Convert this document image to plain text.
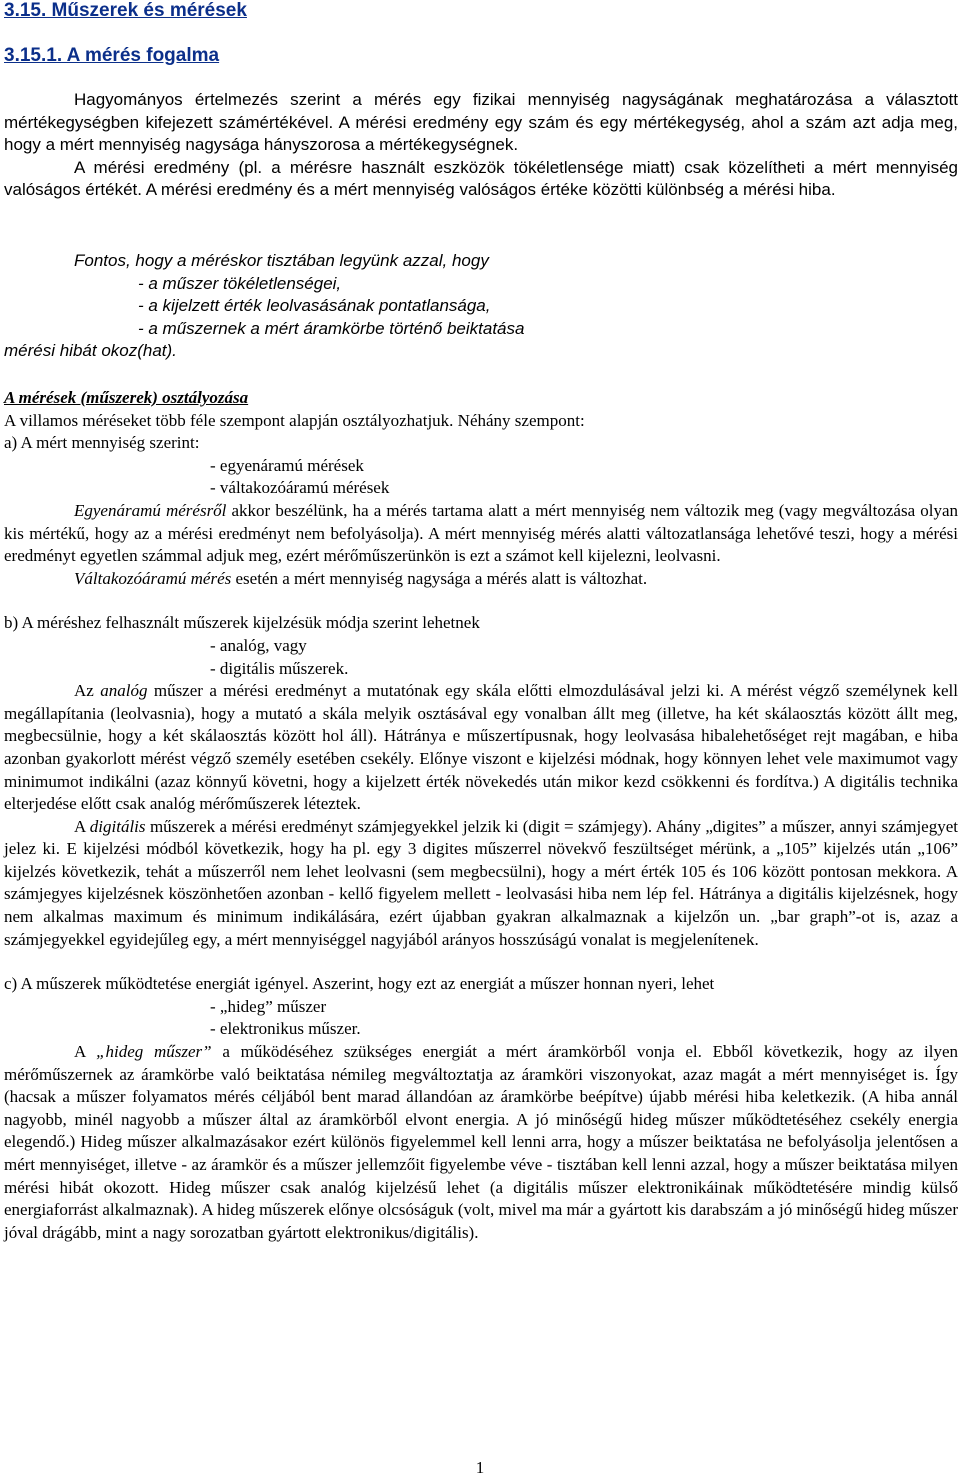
3.15. Műszerek és mérések
3.15.1. A mérés fogalma
Hagyományos értelmezés szerint a mérés egy fizikai mennyiség nagyságának meghatározása a választott mértékegységben kifejezett számértékével. A mérési eredmény egy szám és egy mértékegység, ahol a szám azt adja meg, hogy a mért mennyiség nagysága hányszorosa a mértékegységnek.
A mérési eredmény (pl. a mérésre használt eszközök tökéletlensége miatt) csak közelítheti a mért mennyiség valóságos értékét. A mérési eredmény és a mért mennyiség valóságos értéke közötti különbség a mérési hiba.
Fontos, hogy a méréskor tisztában legyünk azzal, hogy
- a műszer tökéletlenségei,
- a kijelzett érték leolvasásának pontatlansága,
- a műszernek a mért áramkörbe történő beiktatása
mérési hibát okoz(hat).

A mérések (műszerek) osztályozása

A villamos méréseket több féle szempont alapján osztályozhatjuk. Néhány szempont:

a) A mért mennyiség szerint:

- egyenáramú mérések

- váltakozóáramú mérések

Egyenáramú mérésről akkor beszélünk, ha a mérés tartama alatt a mért mennyiség nem változik meg (vagy megváltozása olyan kis mértékű, hogy az a mérési eredményt nem befolyásolja). A mért mennyiség mérés alatti változatlansága lehetővé teszi, hogy a mérési eredményt egyetlen számmal adjuk meg, ezért mérőműszerünkön is ezt a számot kell kijelezni, leolvasni.

Váltakozóáramú mérés esetén a mért mennyiség nagysága a mérés alatt is változhat.

b) A méréshez felhasznált műszerek kijelzésük módja szerint lehetnek

- analóg, vagy

- digitális műszerek.

Az analóg műszer a mérési eredményt a mutatónak egy skála előtti elmozdulásával jelzi ki. A mérést végző személynek kell megállapítania (leolvasnia), hogy a mutató a skála melyik osztásával egy vonalban állt meg (illetve, ha két skálaosztás között állt meg, megbecsülnie, hogy a két skálaosztás között hol áll). Hátránya e műszertípusnak, hogy leolvasása hibalehetőséget rejt magában, e hiba azonban gyakorlott mérést végző személy esetében csekély. Előnye viszont e kijelzési módnak, hogy könnyen lehet vele maximumot vagy minimumot indikálni (azaz könnyű követni, hogy a kijelzett érték növekedés után mikor kezd csökkenni és fordítva.) A digitális technika elterjedése előtt csak analóg mérőműszerek léteztek.

A digitális műszerek a mérési eredményt számjegyekkel jelzik ki (digit = számjegy). Ahány „digites” a műszer, annyi számjegyet jelez ki. E kijelzési módból következik, hogy ha pl. egy 3 digites műszerrel növekvő feszültséget mérünk, a „105” kijelzés után „106” kijelzés következik, tehát a műszerről nem lehet leolvasni (sem megbecsülni), hogy a mért érték 105 és 106 között pontosan mekkora. A számjegyes kijelzésnek köszönhetően azonban - kellő figyelem mellett - leolvasási hiba nem lép fel. Hátránya a digitális kijelzésnek, hogy nem alkalmas maximum és minimum indikálására, ezért újabban gyakran alkalmaznak a kijelzőn un. „bar graph”-ot is, azaz a számjegyekkel egyidejűleg egy, a mért mennyiséggel nagyjából arányos hosszúságú vonalat is megjelenítenek.

c) A műszerek működtetése energiát igényel. Aszerint, hogy ezt az energiát a műszer honnan nyeri, lehet

- „hideg” műszer

- elektronikus műszer.

A „hideg műszer” a működéséhez szükséges energiát a mért áramkörből vonja el. Ebből következik, hogy az ilyen mérőműszernek az áramkörbe való beiktatása némileg megváltoztatja az áramköri viszonyokat, azaz magát a mért mennyiséget is. Így (hacsak a műszer folyamatos mérés céljából bent marad állandóan az áramkörbe beépítve) újabb mérési hiba keletkezik. (A hiba annál nagyobb, minél nagyobb a műszer által az áramkörből elvont energia. A jó minőségű hideg műszer működtetéséhez csekély energia elegendő.) Hideg műszer alkalmazásakor ezért különös figyelemmel kell lenni arra, hogy a műszer beiktatása ne befolyásolja jelentősen a mért mennyiséget, illetve - az áramkör és a műszer jellemzőit figyelembe véve - tisztában kell lenni azzal, hogy a műszer beiktatása milyen mérési hibát okozott. Hideg műszer csak analóg kijelzésű lehet (a digitális műszer elektronikáinak működtetésére mindig külső energiaforrást alkalmaznak). A hideg műszerek előnye olcsóságuk (volt, mivel ma már a gyártott kis darabszám a jó minőségű hideg műszer jóval drágább, mint a nagy sorozatban gyártott elektronikus/digitális).

1
